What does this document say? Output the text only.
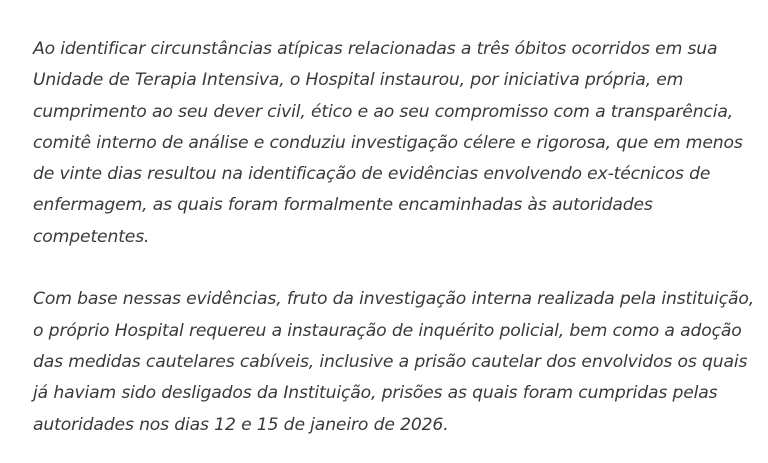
Ao identificar circunstâncias atípicas relacionadas a três óbitos ocorridos em sua
Unidade de Terapia Intensiva, o Hospital instaurou, por iniciativa própria, em
cumprimento ao seu dever civil, ético e ao seu compromisso com a transparência,
comitê interno de análise e conduziu investigação célere e rigorosa, que em menos
de vinte dias resultou na identificação de evidências envolvendo ex-técnicos de
enfermagem, as quais foram formalmente encaminhadas às autoridades
competentes.

Com base nessas evidências, fruto da investigação interna realizada pela instituição,
o próprio Hospital requereu a instauração de inquérito policial, bem como a adoção
das medidas cautelares cabíveis, inclusive a prisão cautelar dos envolvidos os quais
já haviam sido desligados da Instituição, prisões as quais foram cumpridas pelas
autoridades nos dias 12 e 15 de janeiro de 2026.
